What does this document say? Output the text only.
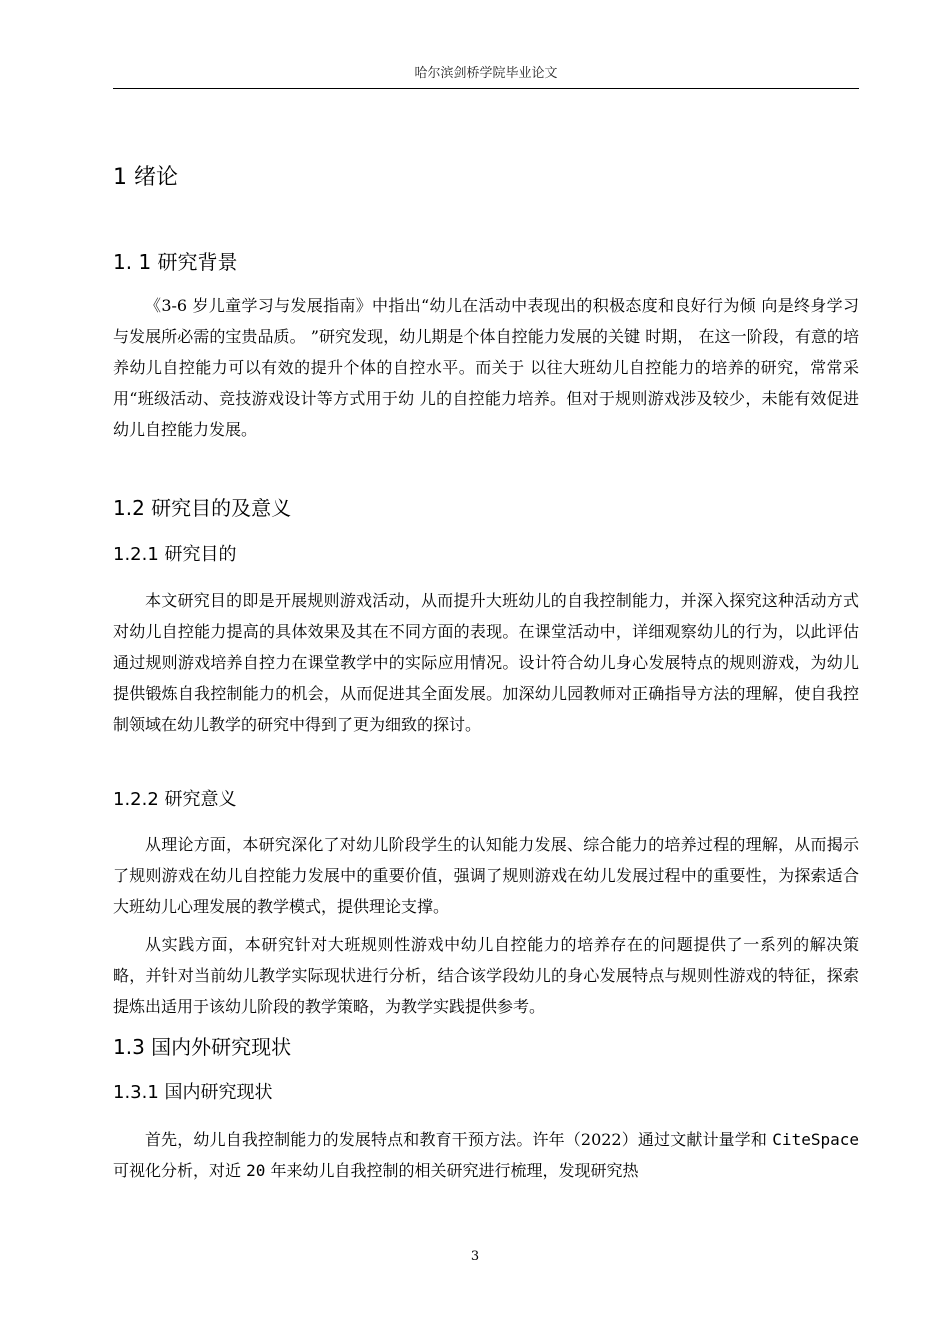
哈尔滨剑桥学院毕业论文
1 绪论
1. 1 研究背景

《3-6 岁儿童学习与发展指南》中指出“幼儿在活动中表现出的积极态度和良好行为倾 向是终身学习与发展所必需的宝贵品质。 ”研究发现，幼儿期是个体自控能力发展的关键 时期， 在这一阶段，有意的培养幼儿自控能力可以有效的提升个体的自控水平。而关于 以往大班幼儿自控能力的培养的研究，常常采用“班级活动、竞技游戏设计等方式用于幼 儿的自控能力培养。但对于规则游戏涉及较少，未能有效促进幼儿自控能力发展。

1.2 研究目的及意义
1.2.1 研究目的

本文研究目的即是开展规则游戏活动，从而提升大班幼儿的自我控制能力，并深入探究这种活动方式对幼儿自控能力提高的具体效果及其在不同方面的表现。在课堂活动中，详细观察幼儿的行为，以此评估通过规则游戏培养自控力在课堂教学中的实际应用情况。设计符合幼儿身心发展特点的规则游戏，为幼儿提供锻炼自我控制能力的机会，从而促进其全面发展。加深幼儿园教师对正确指导方法的理解，使自我控制领域在幼儿教学的研究中得到了更为细致的探讨。

1.2.2 研究意义

从理论方面，本研究深化了对幼儿阶段学生的认知能力发展、综合能力的培养过程的理解，从而揭示了规则游戏在幼儿自控能力发展中的重要价值，强调了规则游戏在幼儿发展过程中的重要性，为探索适合大班幼儿心理发展的教学模式，提供理论支撑。

从实践方面，本研究针对大班规则性游戏中幼儿自控能力的培养存在的问题提供了一系列的解决策略，并针对当前幼儿教学实际现状进行分析，结合该学段幼儿的身心发展特点与规则性游戏的特征，探索提炼出适用于该幼儿阶段的教学策略，为教学实践提供参考。

1.3 国内外研究现状
1.3.1 国内研究现状

首先，幼儿自我控制能力的发展特点和教育干预方法。许年（2022）通过文献计量学和 CiteSpace 可视化分析，对近 20 年来幼儿自我控制的相关研究进行梳理，发现研究热

3
